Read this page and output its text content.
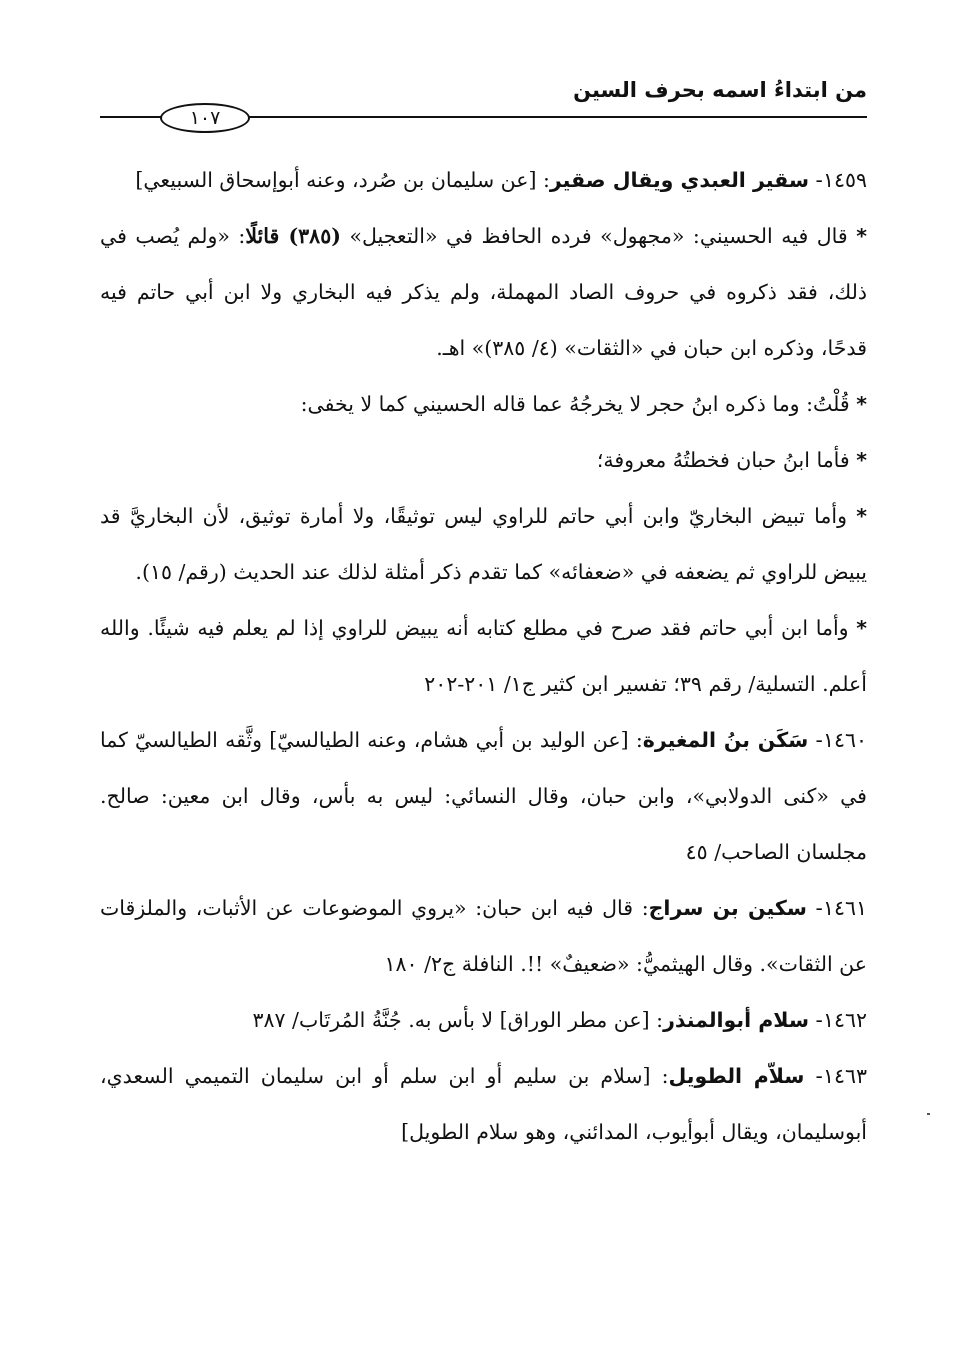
من ابتداءُ اسمه بحرف السين
١٠٧

١٤٥٩- سقير العبدي ويقال صقير: [عن سليمان بن صُرد، وعنه أبوإسحاق السبيعي]

* قال فيه الحسيني: «مجهول» فرده الحافظ في «التعجيل» (٣٨٥) قائلًا: «ولم يُصب في ذلك، فقد ذكروه في حروف الصاد المهملة، ولم يذكر فيه البخاري ولا ابن أبي حاتم فيه قدحًا، وذكره ابن حبان في «الثقات» (٤/ ٣٨٥)» اهـ.

* قُلْتُ: وما ذكره ابنُ حجر لا يخرجُهُ عما قاله الحسيني كما لا يخفى:

* فأما ابنُ حبان فخطتُهُ معروفة؛

* وأما تبيض البخاريّ وابن أبي حاتم للراوي ليس توثيقًا، ولا أمارة توثيق، لأن البخاريَّ قد يبيض للراوي ثم يضعفه في «ضعفائه» كما تقدم ذكر أمثلة لذلك عند الحديث (رقم/ ١٥).

* وأما ابن أبي حاتم فقد صرح في مطلع كتابه أنه يبيض للراوي إذا لم يعلم فيه شيئًا. والله أعلم. التسلية/ رقم ٣٩؛ تفسير ابن كثير ج١/ ٢٠١-٢٠٢

١٤٦٠- سَكَن بنُ المغيرة: [عن الوليد بن أبي هشام، وعنه الطيالسيّ] وثَّقه الطيالسيّ كما في «كنى الدولابي»، وابن حبان، وقال النسائي: ليس به بأس، وقال ابن معين: صالح. مجلسان الصاحب/ ٤٥

١٤٦١- سكين بن سراج: قال فيه ابن حبان: «يروي الموضوعات عن الأثبات، والملزقات عن الثقات». وقال الهيثميُّ: «ضعيفٌ» !!. النافلة ج٢/ ١٨٠

١٤٦٢- سلام أبوالمنذر: [عن مطر الوراق] لا بأس به. جُنَّةُ المُرتَاب/ ٣٨٧

١٤٦٣- سلاّم الطويل: [سلام بن سليم أو ابن سلم أو ابن سليمان التميمي السعدي، أبوسليمان، ويقال أبوأيوب، المدائني، وهو سلام الطويل]
